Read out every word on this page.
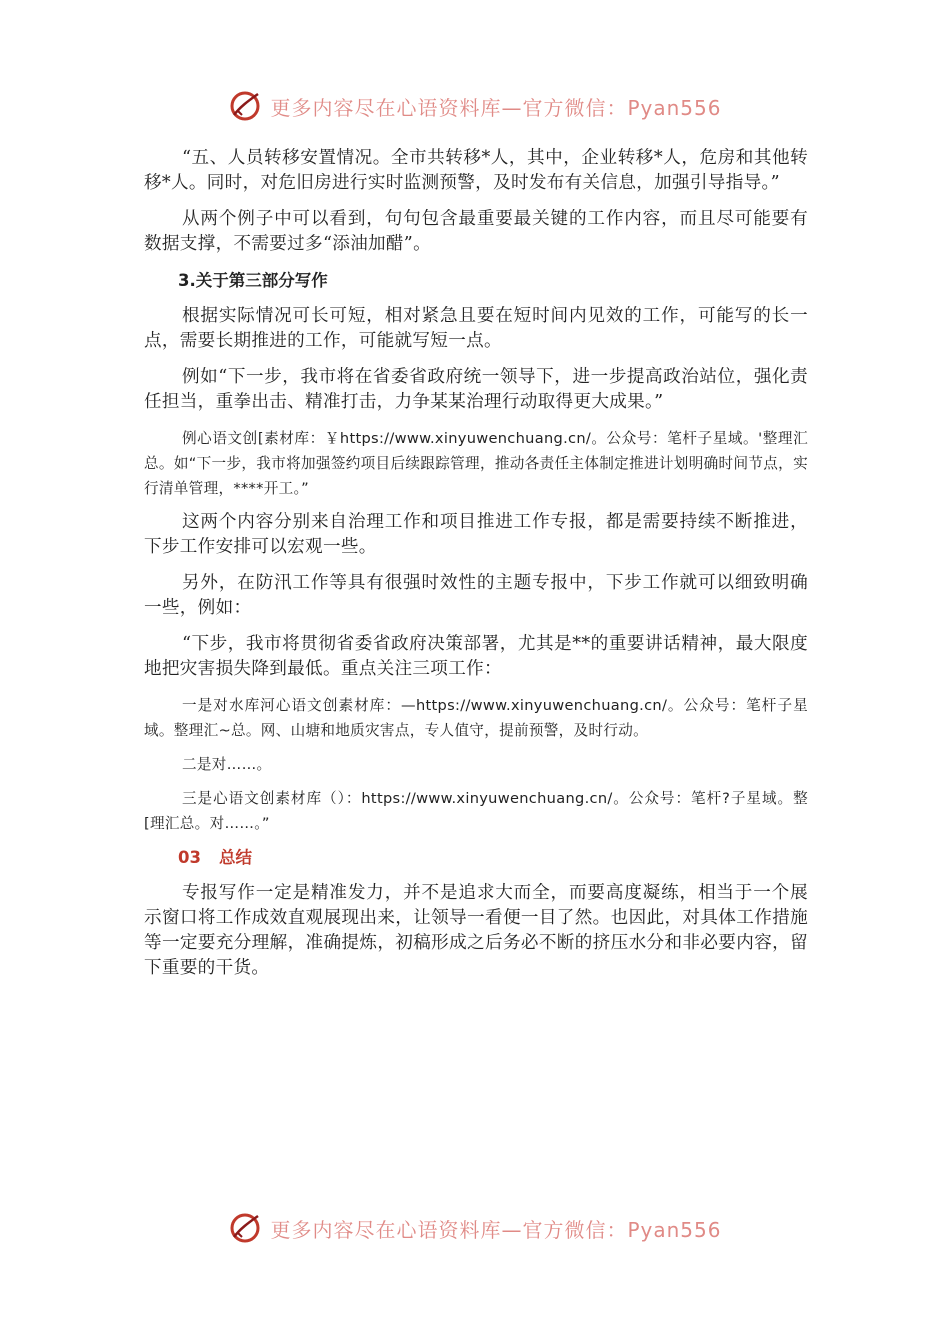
更多内容尽在心语资料库—官方微信：Pyan556

“五、人员转移安置情况。全市共转移*人，其中，企业转移*人，危房和其他转移*人。同时，对危旧房进行实时监测预警，及时发布有关信息，加强引导指导。”

从两个例子中可以看到，句句包含最重要最关键的工作内容，而且尽可能要有数据支撑，不需要过多“添油加醋”。

3.关于第三部分写作

根据实际情况可长可短，相对紧急且要在短时间内见效的工作，可能写的长一点，需要长期推进的工作，可能就写短一点。

例如“下一步，我市将在省委省政府统一领导下，进一步提高政治站位，强化责任担当，重拳出击、精准打击，力争某某治理行动取得更大成果。”

例心语文创[素材库：￥https://www.xinyuwenchuang.cn/。公众号：笔杆子星域。'整理汇总。如“下一步，我市将加强签约项目后续跟踪管理，推动各责任主体制定推进计划明确时间节点，实行清单管理，****开工。”

这两个内容分别来自治理工作和项目推进工作专报，都是需要持续不断推进，下步工作安排可以宏观一些。

另外，在防汛工作等具有很强时效性的主题专报中，下步工作就可以细致明确一些，例如：

“下步，我市将贯彻省委省政府决策部署，尤其是**的重要讲话精神，最大限度地把灾害损失降到最低。重点关注三项工作：

一是对水库河心语文创素材库：—https://www.xinyuwenchuang.cn/。公众号：笔杆子星域。整理汇~总。网、山塘和地质灾害点，专人值守，提前预警，及时行动。

二是对……。

三是心语文创素材库（）：https://www.xinyuwenchuang.cn/。公众号：笔杆?子星域。整[理汇总。对……。”

03 总结

专报写作一定是精准发力，并不是追求大而全，而要高度凝练，相当于一个展示窗口将工作成效直观展现出来，让领导一看便一目了然。也因此，对具体工作措施等一定要充分理解，准确提炼，初稿形成之后务必不断的挤压水分和非必要内容，留下重要的干货。

更多内容尽在心语资料库—官方微信：Pyan556
